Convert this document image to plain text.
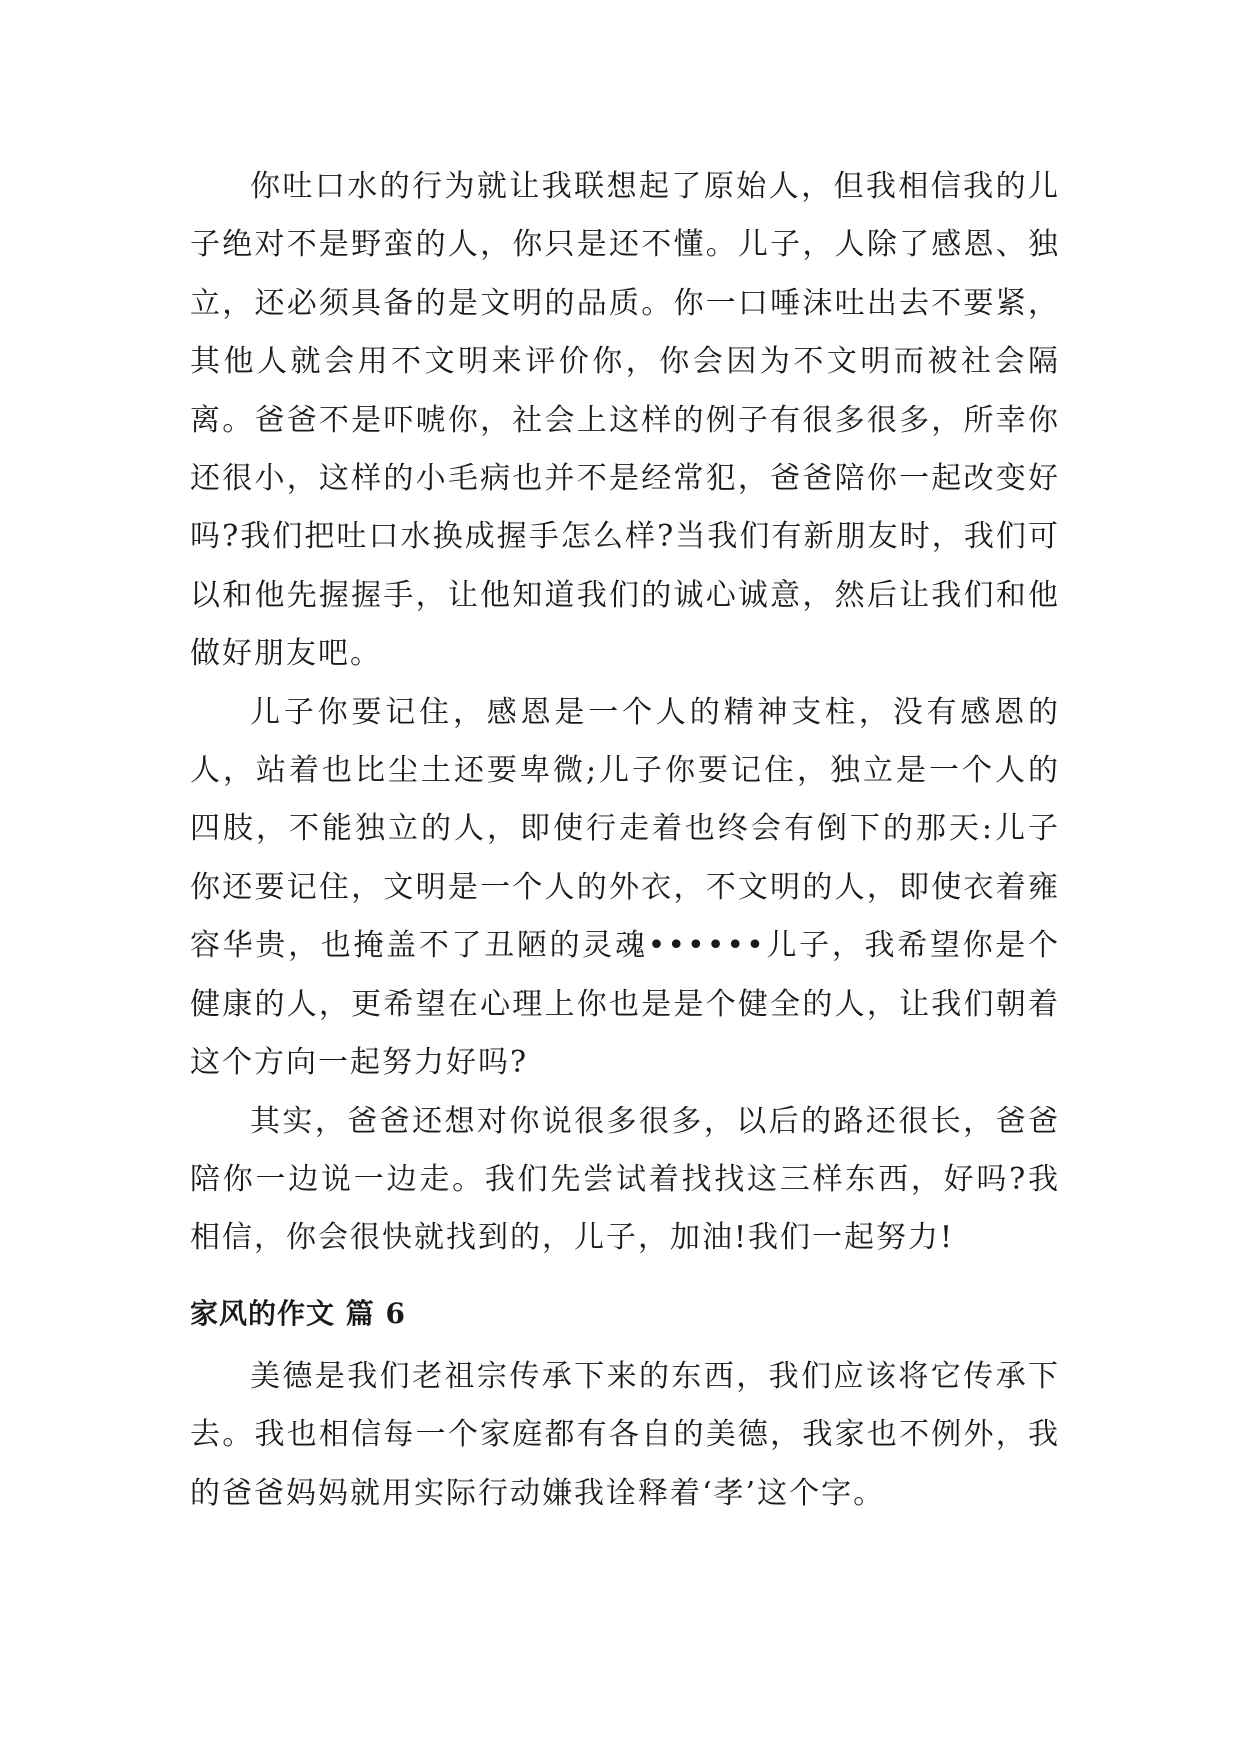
你吐口水的行为就让我联想起了原始人，但我相信我的儿子绝对不是野蛮的人，你只是还不懂。儿子，人除了感恩、独立，还必须具备的是文明的品质。你一口唾沫吐出去不要紧，其他人就会用不文明来评价你，你会因为不文明而被社会隔离。爸爸不是吓唬你，社会上这样的例子有很多很多，所幸你还很小，这样的小毛病也并不是经常犯，爸爸陪你一起改变好吗?我们把吐口水换成握手怎么样?当我们有新朋友时，我们可以和他先握握手，让他知道我们的诚心诚意，然后让我们和他做好朋友吧。

儿子你要记住，感恩是一个人的精神支柱，没有感恩的人，站着也比尘土还要卑微;儿子你要记住，独立是一个人的四肢，不能独立的人，即使行走着也终会有倒下的那天:儿子你还要记住，文明是一个人的外衣，不文明的人，即使衣着雍容华贵，也掩盖不了丑陋的灵魂••••••儿子，我希望你是个健康的人，更希望在心理上你也是是个健全的人，让我们朝着这个方向一起努力好吗?

其实，爸爸还想对你说很多很多，以后的路还很长，爸爸陪你一边说一边走。我们先尝试着找找这三样东西，好吗?我相信，你会很快就找到的，儿子，加油!我们一起努力!

家风的作文 篇 6

美德是我们老祖宗传承下来的东西，我们应该将它传承下去。我也相信每一个家庭都有各自的美德，我家也不例外，我的爸爸妈妈就用实际行动嫌我诠释着‘孝’这个字。
